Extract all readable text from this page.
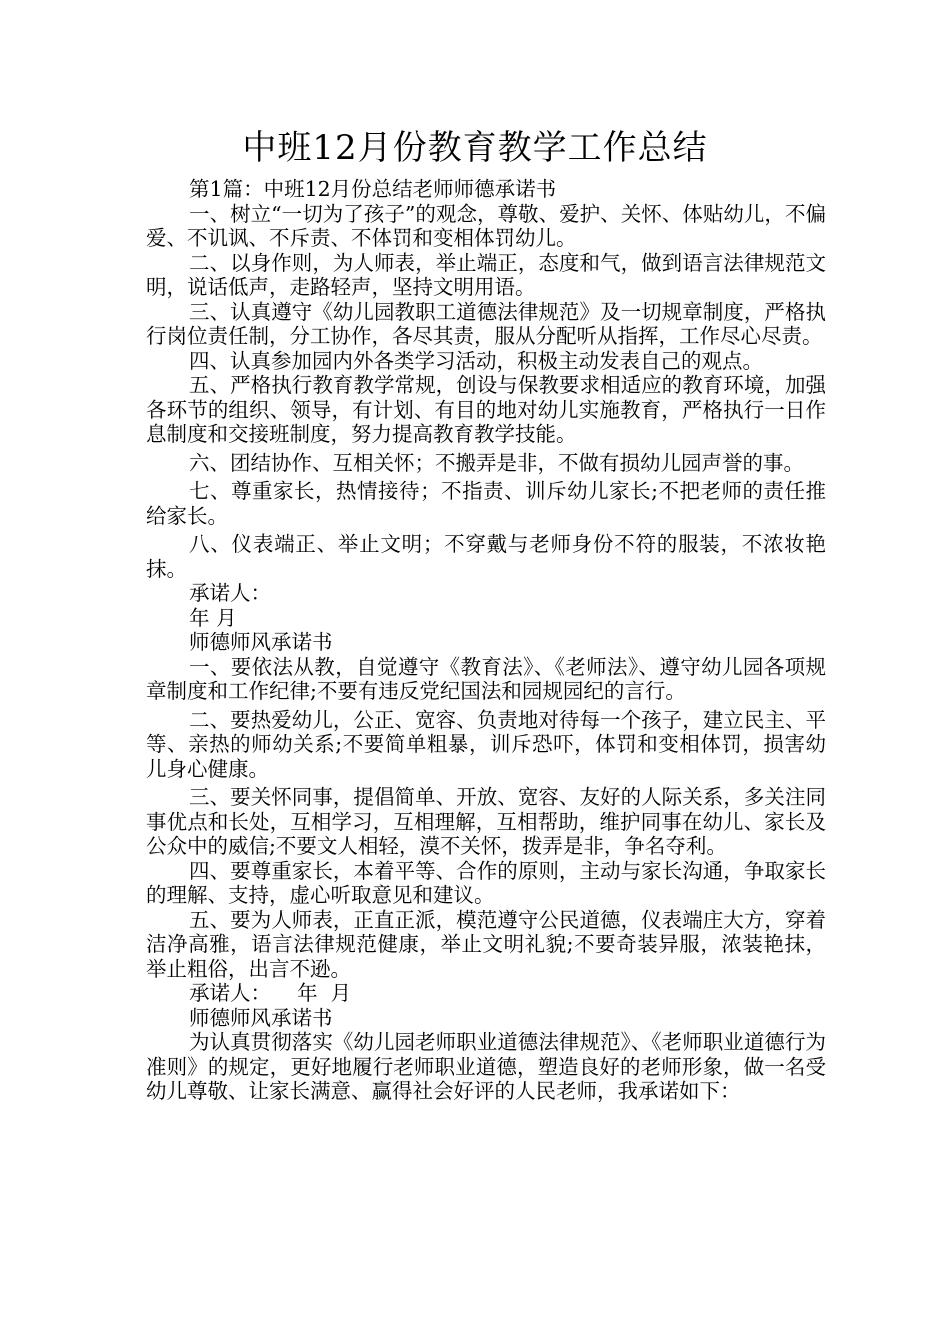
中班12月份教育教学工作总结

第1篇：中班12月份总结老师师德承诺书

一、树立“一切为了孩子”的观念，尊敬、爱护、关怀、体贴幼儿，不偏爱、不讥讽、不斥责、不体罚和变相体罚幼儿。

二、以身作则，为人师表，举止端正，态度和气，做到语言法律规范文明，说话低声，走路轻声，坚持文明用语。

三、认真遵守《幼儿园教职工道德法律规范》及一切规章制度，严格执行岗位责任制，分工协作，各尽其责，服从分配听从指挥，工作尽心尽责。

四、认真参加园内外各类学习活动，积极主动发表自己的观点。

五、严格执行教育教学常规，创设与保教要求相适应的教育环境，加强各环节的组织、领导，有计划、有目的地对幼儿实施教育，严格执行一日作息制度和交接班制度，努力提高教育教学技能。

六、团结协作、互相关怀；不搬弄是非，不做有损幼儿园声誉的事。

七、尊重家长，热情接待；不指责、训斥幼儿家长;不把老师的责任推给家长。

八、仪表端正、举止文明；不穿戴与老师身份不符的服装，不浓妆艳抹。

承诺人：

年 月

师德师风承诺书

一、要依法从教，自觉遵守《教育法》、《老师法》、遵守幼儿园各项规章制度和工作纪律;不要有违反党纪国法和园规园纪的言行。

二、要热爱幼儿，公正、宽容、负责地对待每一个孩子，建立民主、平等、亲热的师幼关系;不要简单粗暴，训斥恐吓，体罚和变相体罚，损害幼儿身心健康。

三、要关怀同事，提倡简单、开放、宽容、友好的人际关系，多关注同事优点和长处，互相学习，互相理解，互相帮助，维护同事在幼儿、家长及公众中的威信;不要文人相轻，漠不关怀，拨弄是非，争名夺利。

四、要尊重家长，本着平等、合作的原则，主动与家长沟通，争取家长的理解、支持，虚心听取意见和建议。

五、要为人师表，正直正派，模范遵守公民道德，仪表端庄大方，穿着洁净高雅，语言法律规范健康，举止文明礼貌;不要奇装异服，浓装艳抹，举止粗俗，出言不逊。

承诺人：    年  月

师德师风承诺书

为认真贯彻落实《幼儿园老师职业道德法律规范》、《老师职业道德行为准则》的规定，更好地履行老师职业道德，塑造良好的老师形象，做一名受幼儿尊敬、让家长满意、赢得社会好评的人民老师，我承诺如下：
